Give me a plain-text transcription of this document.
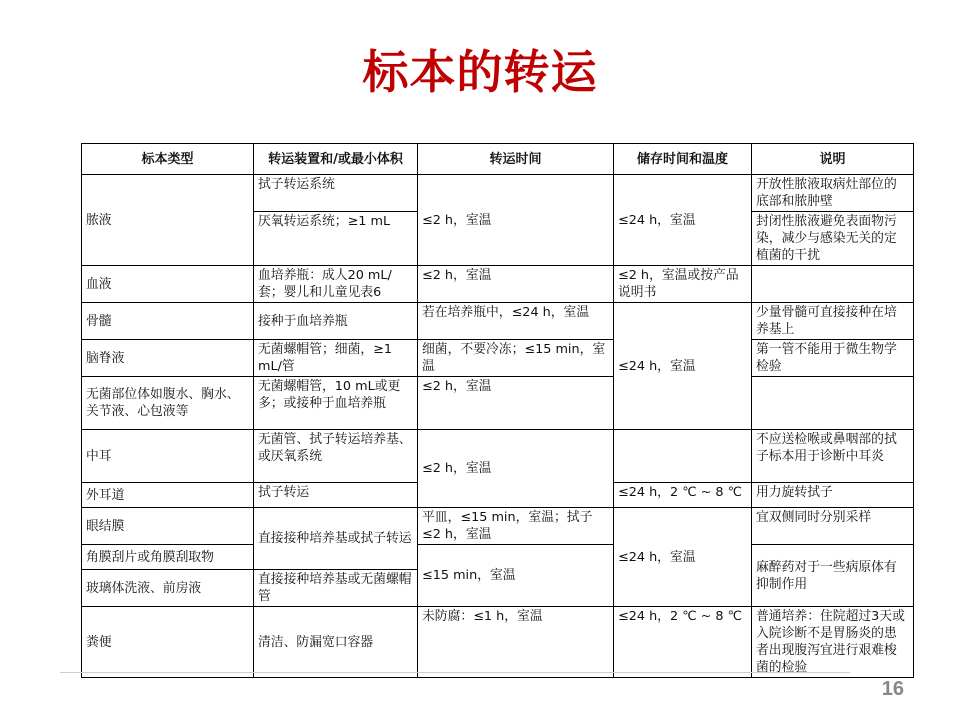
标本的转运
标本类型	转运装置和/或最小体积	转运时间	储存时间和温度	说明
脓液	拭子转运系统	≤2 h，室温	≤24 h，室温	开放性脓液取病灶部位的底部和脓肿壁
	厌氧转运系统；≥1 mL			封闭性脓液避免表面物污染，减少与感染无关的定植菌的干扰
血液	血培养瓶：成人20 mL/套；婴儿和儿童见表6	≤2 h，室温	≤2 h，室温或按产品说明书	
骨髓	接种于血培养瓶	若在培养瓶中，≤24 h，室温	≤24 h，室温	少量骨髓可直接接种在培养基上
脑脊液	无菌螺帽管；细菌，≥1 mL/管	细菌，不要冷冻；≤15 min，室温		第一管不能用于微生物学检验
无菌部位体如腹水、胸水、关节液、心包液等	无菌螺帽管，10 mL或更多；或接种于血培养瓶	≤2 h，室温		
中耳	无菌管、拭子转运培养基、或厌氧系统	≤2 h，室温		不应送检喉或鼻咽部的拭子标本用于诊断中耳炎
外耳道	拭子转运		≤24 h，2 ℃ ~ 8 ℃	用力旋转拭子
眼结膜	直接接种培养基或拭子转运	平皿，≤15 min，室温；拭子≤2 h，室温	≤24 h，室温	宜双侧同时分别采样
角膜刮片或角膜刮取物		≤15 min，室温		麻醉药对于一些病原体有抑制作用
玻璃体洗液、前房液	直接接种培养基或无菌螺帽管			
粪便	清洁、防漏宽口容器	未防腐：≤1 h，室温	≤24 h，2 ℃ ~ 8 ℃	普通培养：住院超过3天或入院诊断不是胃肠炎的患者出现腹泻宜进行艰难梭菌的检验
16
